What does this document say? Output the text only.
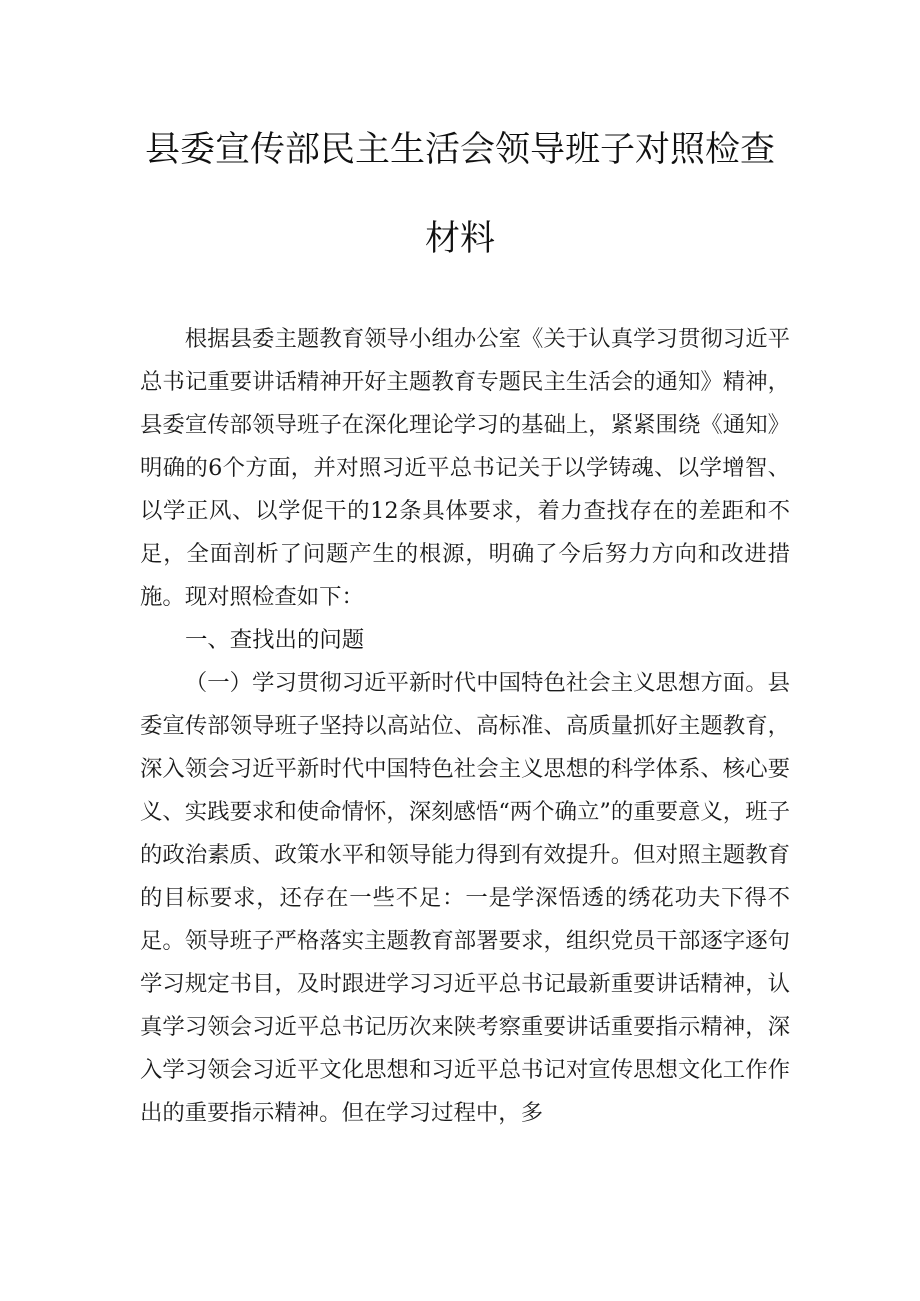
县委宣传部民主生活会领导班子对照检查
材料

根据县委主题教育领导小组办公室《关于认真学习贯彻习近平总书记重要讲话精神开好主题教育专题民主生活会的通知》精神，县委宣传部领导班子在深化理论学习的基础上，紧紧围绕《通知》明确的6个方面，并对照习近平总书记关于以学铸魂、以学增智、以学正风、以学促干的12条具体要求，着力查找存在的差距和不足，全面剖析了问题产生的根源，明确了今后努力方向和改进措施。现对照检查如下：

一、查找出的问题

（一）学习贯彻习近平新时代中国特色社会主义思想方面。县委宣传部领导班子坚持以高站位、高标准、高质量抓好主题教育，深入领会习近平新时代中国特色社会主义思想的科学体系、核心要义、实践要求和使命情怀，深刻感悟“两个确立”的重要意义，班子的政治素质、政策水平和领导能力得到有效提升。但对照主题教育的目标要求，还存在一些不足：一是学深悟透的绣花功夫下得不足。领导班子严格落实主题教育部署要求，组织党员干部逐字逐句学习规定书目，及时跟进学习习近平总书记最新重要讲话精神，认真学习领会习近平总书记历次来陕考察重要讲话重要指示精神，深入学习领会习近平文化思想和习近平总书记对宣传思想文化工作作出的重要指示精神。但在学习过程中，多
